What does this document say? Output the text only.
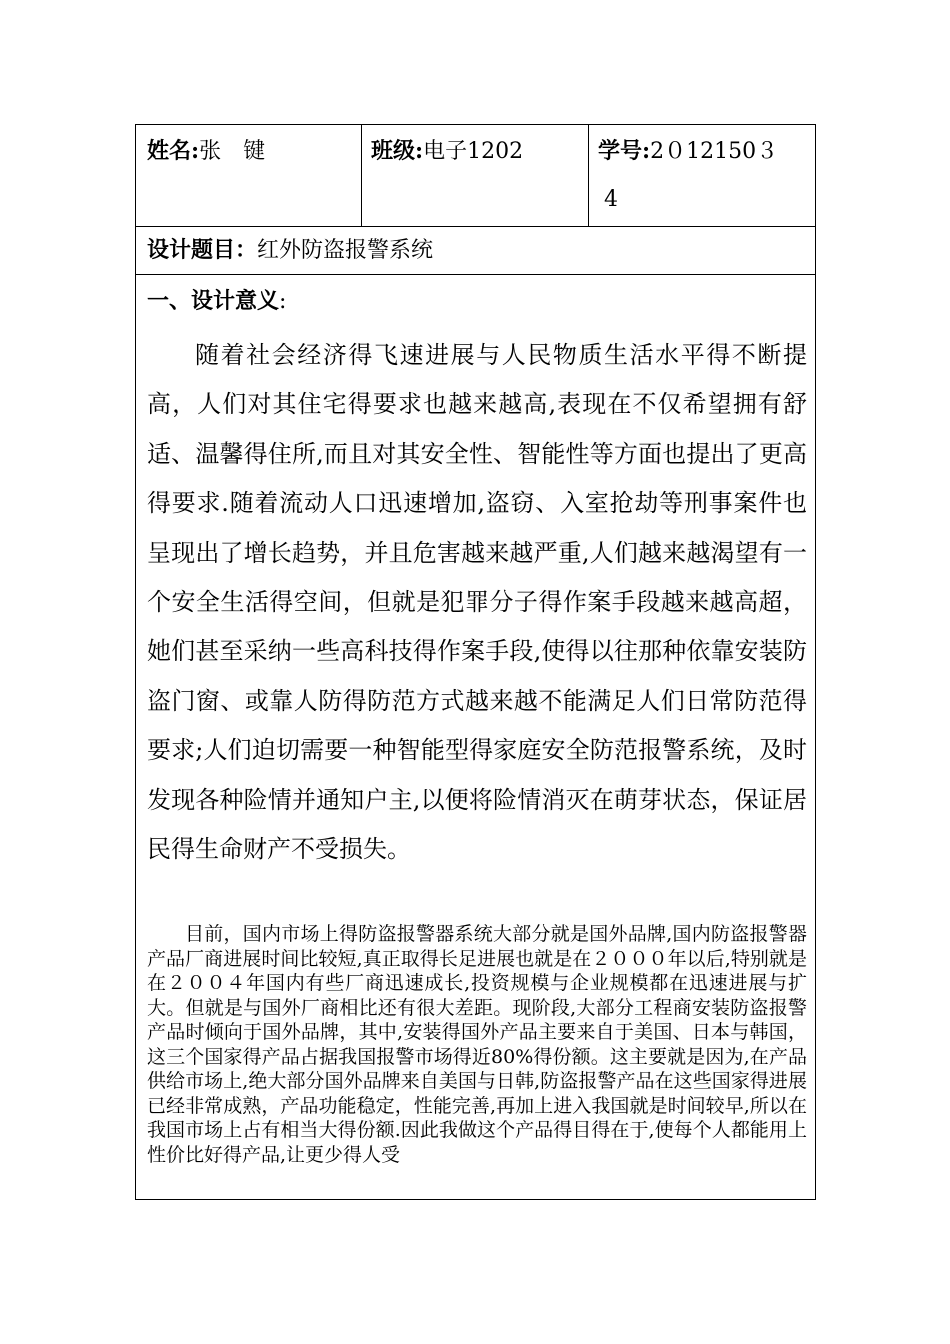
姓名:张　键	班级:电子1202	学号:2０12150３
4
设计题目：红外防盗报警系统
一、设计意义:

随着社会经济得飞速进展与人民物质生活水平得不断提高，人们对其住宅得要求也越来越高,表现在不仅希望拥有舒适、温馨得住所,而且对其安全性、智能性等方面也提出了更高得要求.随着流动人口迅速增加,盗窃、入室抢劫等刑事案件也呈现出了增长趋势，并且危害越来越严重,人们越来越渴望有一个安全生活得空间，但就是犯罪分子得作案手段越来越高超，她们甚至采纳一些高科技得作案手段,使得以往那种依靠安装防盗门窗、或靠人防得防范方式越来越不能满足人们日常防范得要求;人们迫切需要一种智能型得家庭安全防范报警系统，及时发现各种险情并通知户主,以便将险情消灭在萌芽状态，保证居民得生命财产不受损失。

目前，国内市场上得防盗报警器系统大部分就是国外品牌,国内防盗报警器产品厂商进展时间比较短,真正取得长足进展也就是在２０００年以后,特别就是在２００４年国内有些厂商迅速成长,投资规模与企业规模都在迅速进展与扩大。但就是与国外厂商相比还有很大差距。现阶段,大部分工程商安装防盗报警产品时倾向于国外品牌，其中,安装得国外产品主要来自于美国、日本与韩国，这三个国家得产品占据我国报警市场得近80%得份额。这主要就是因为,在产品供给市场上,绝大部分国外品牌来自美国与日韩,防盗报警产品在这些国家得进展已经非常成熟，产品功能稳定，性能完善,再加上进入我国就是时间较早,所以在我国市场上占有相当大得份额.因此我做这个产品得目得在于,使每个人都能用上性价比好得产品,让更少得人受
